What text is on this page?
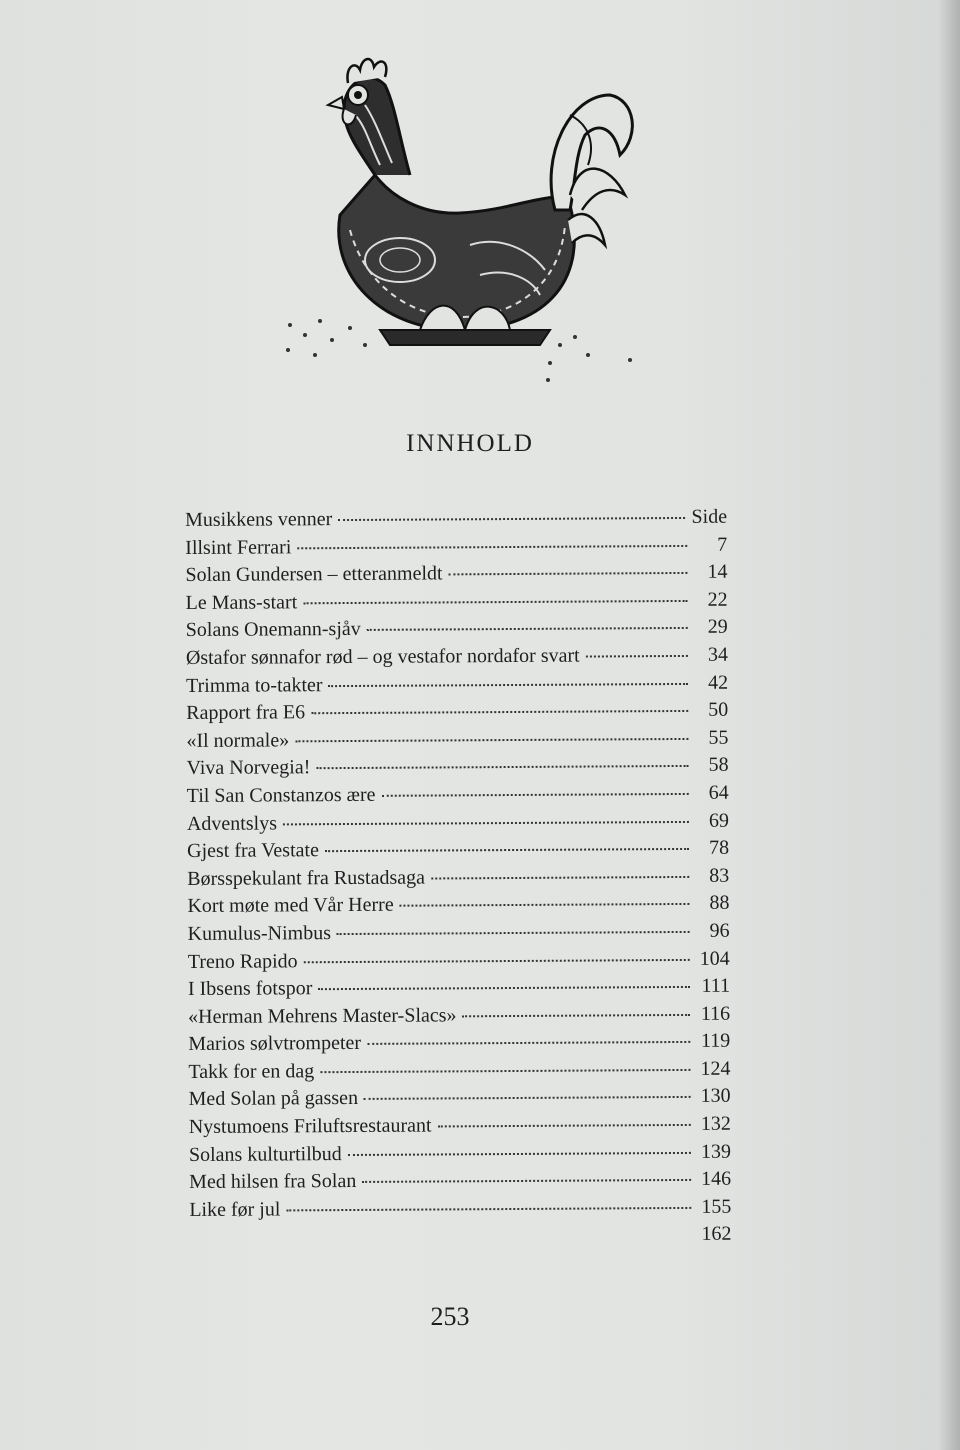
INNHOLD
Musikkens venner	Side
Illsint Ferrari	7
Solan Gundersen – etteranmeldt	14
Le Mans-start	22
Solans Onemann-sjåv	29
Østafor sønnafor rød – og vestafor nordafor svart	34
Trimma to-takter	42
Rapport fra E6	50
«Il normale»	55
Viva Norvegia!	58
Til San Constanzos ære	64
Adventslys	69
Gjest fra Vestate	78
Børsspekulant fra Rustadsaga	83
Kort møte med Vår Herre	88
Kumulus-Nimbus	96
Treno Rapido	104
I Ibsens fotspor	111
«Herman Mehrens Master-Slacs»	116
Marios sølvtrompeter	119
Takk for en dag	124
Med Solan på gassen	130
Nystumoens Friluftsrestaurant	132
Solans kulturtilbud	139
Med hilsen fra Solan	146
Like før jul	155
162
253
